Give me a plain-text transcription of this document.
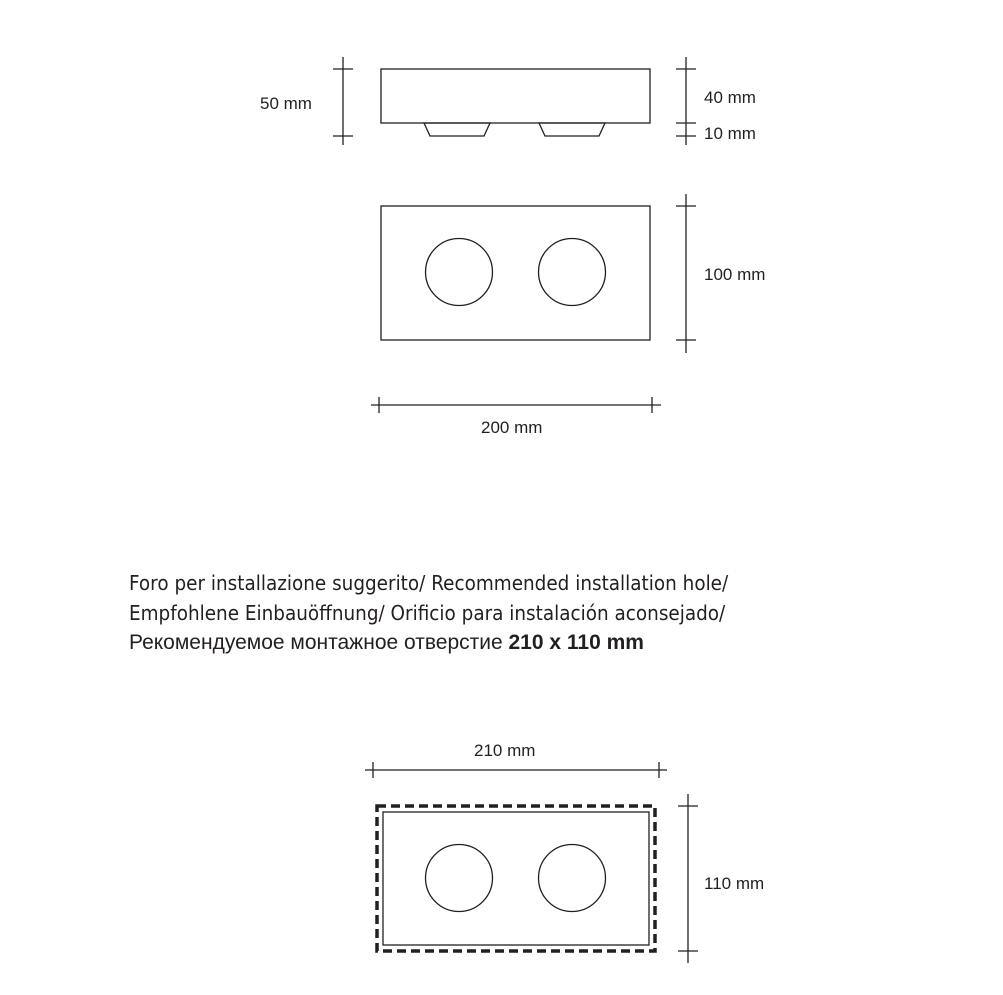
50 mm	40 mm
10 mm
100 mm
200 mm
210 mm
110 mm
Foro per installazione suggerito/ Recommended installation hole/
Empfohlene Einbauöffnung/ Orificio para instalación aconsejado/
Рекомендуемое монтажное отверстие 210 x 110 mm
